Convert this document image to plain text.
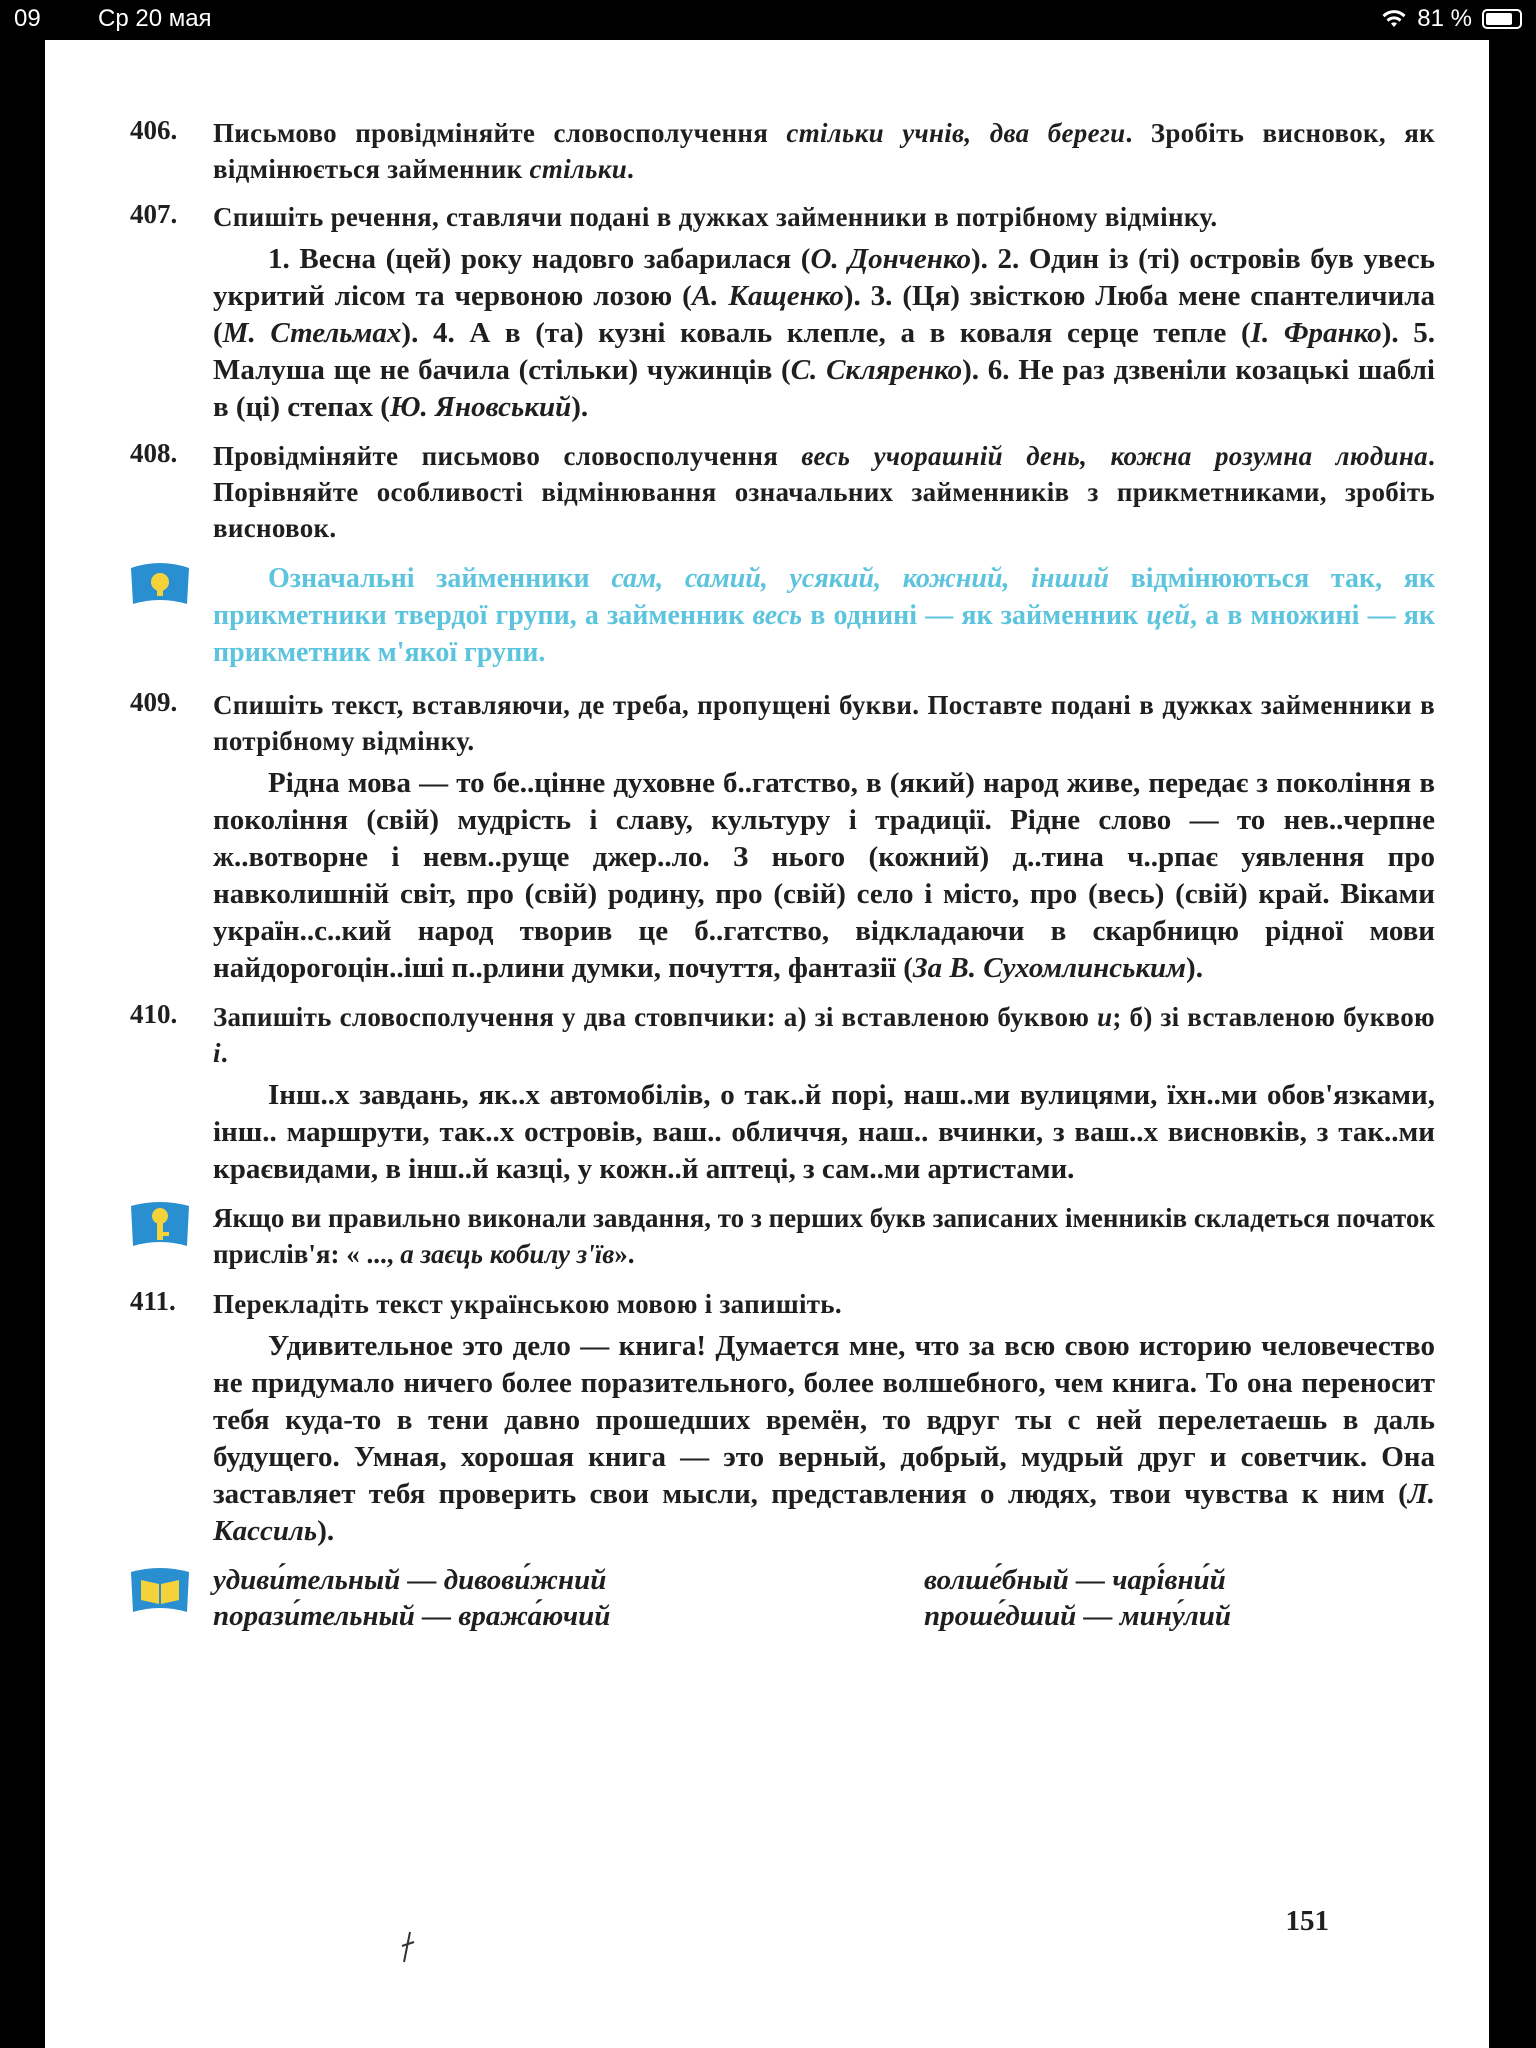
09 Ср 20 мая	81 %
406. Письмово провідміняйте словосполучення стільки учнів, два береги. Зробіть висновок, як відмінюється займенник стільки.
407. Спишіть речення, ставлячи подані в дужках займенники в потрібному відмінку.
1. Весна (цей) року надовго забарилася (О. Донченко). 2. Один із (ті) островів був увесь укритий лісом та червоною лозою (А. Кащенко). 3. (Ця) звісткою Люба мене спантеличила (М. Стельмах). 4. А в (та) кузні коваль клепле, а в коваля серце тепле (І. Франко). 5. Малуша ще не бачила (стільки) чужинців (С. Скляренко). 6. Не раз дзвеніли козацькі шаблі в (ці) степах (Ю. Яновський).
408. Провідміняйте письмово словосполучення весь учорашній день, кожна розумна людина. Порівняйте особливості відмінювання означальних займенників з прикметниками, зробіть висновок.
Означальні займенники сам, самий, усякий, кожний, інший відмінюються так, як прикметники твердої групи, а займенник весь в однині — як займенник цей, а в множині — як прикметник м'якої групи.
409. Спишіть текст, вставляючи, де треба, пропущені букви. Поставте подані в дужках займенники в потрібному відмінку.
Рідна мова — то бе..цінне духовне б..гатство, в (який) народ живе, передає з покоління в покоління (свій) мудрість і славу, культуру і традиції. Рідне слово — то нев..черпне ж..вотворне і невм..руще джер..ло. З нього (кожний) д..тина ч..рпає уявлення про навколишній світ, про (свій) родину, про (свій) село і місто, про (весь) (свій) край. Віками україн..с..кий народ творив це б..гатство, відкладаючи в скарбницю рідної мови найдорогоцін..іші п..рлини думки, почуття, фантазії (За В. Сухомлинським).
410. Запишіть словосполучення у два стовпчики: а) зі вставленою буквою и; б) зі вставленою буквою і.
Інш..х завдань, як..х автомобілів, о так..й порі, наш..ми вулицями, їхн..ми обов'язками, інш.. маршрути, так..х островів, ваш.. обличчя, наш.. вчинки, з ваш..х висновків, з так..ми краєвидами, в інш..й казці, у кожн..й аптеці, з сам..ми артистами.
Якщо ви правильно виконали завдання, то з перших букв записаних іменників складеться початок прислів'я: « ..., а заєць кобилу з'їв».
411. Перекладіть текст українською мовою і запишіть.
Удивительное это дело — книга! Думается мне, что за всю свою историю человечество не придумало ничего более поразительного, более волшебного, чем книга. То она переносит тебя куда-то в тени давно прошедших времён, то вдруг ты с ней перелетаешь в даль будущего. Умная, хорошая книга — это верный, добрый, мудрый друг и советчик. Она заставляет тебя проверить свои мысли, представления о людях, твои чувства к ним (Л. Кассиль).
удиви́тельный — дивови́жний	волше́бный — чарі́вни́й
порази́тельный — вража́ючий	проше́дший — мину́лий
151
